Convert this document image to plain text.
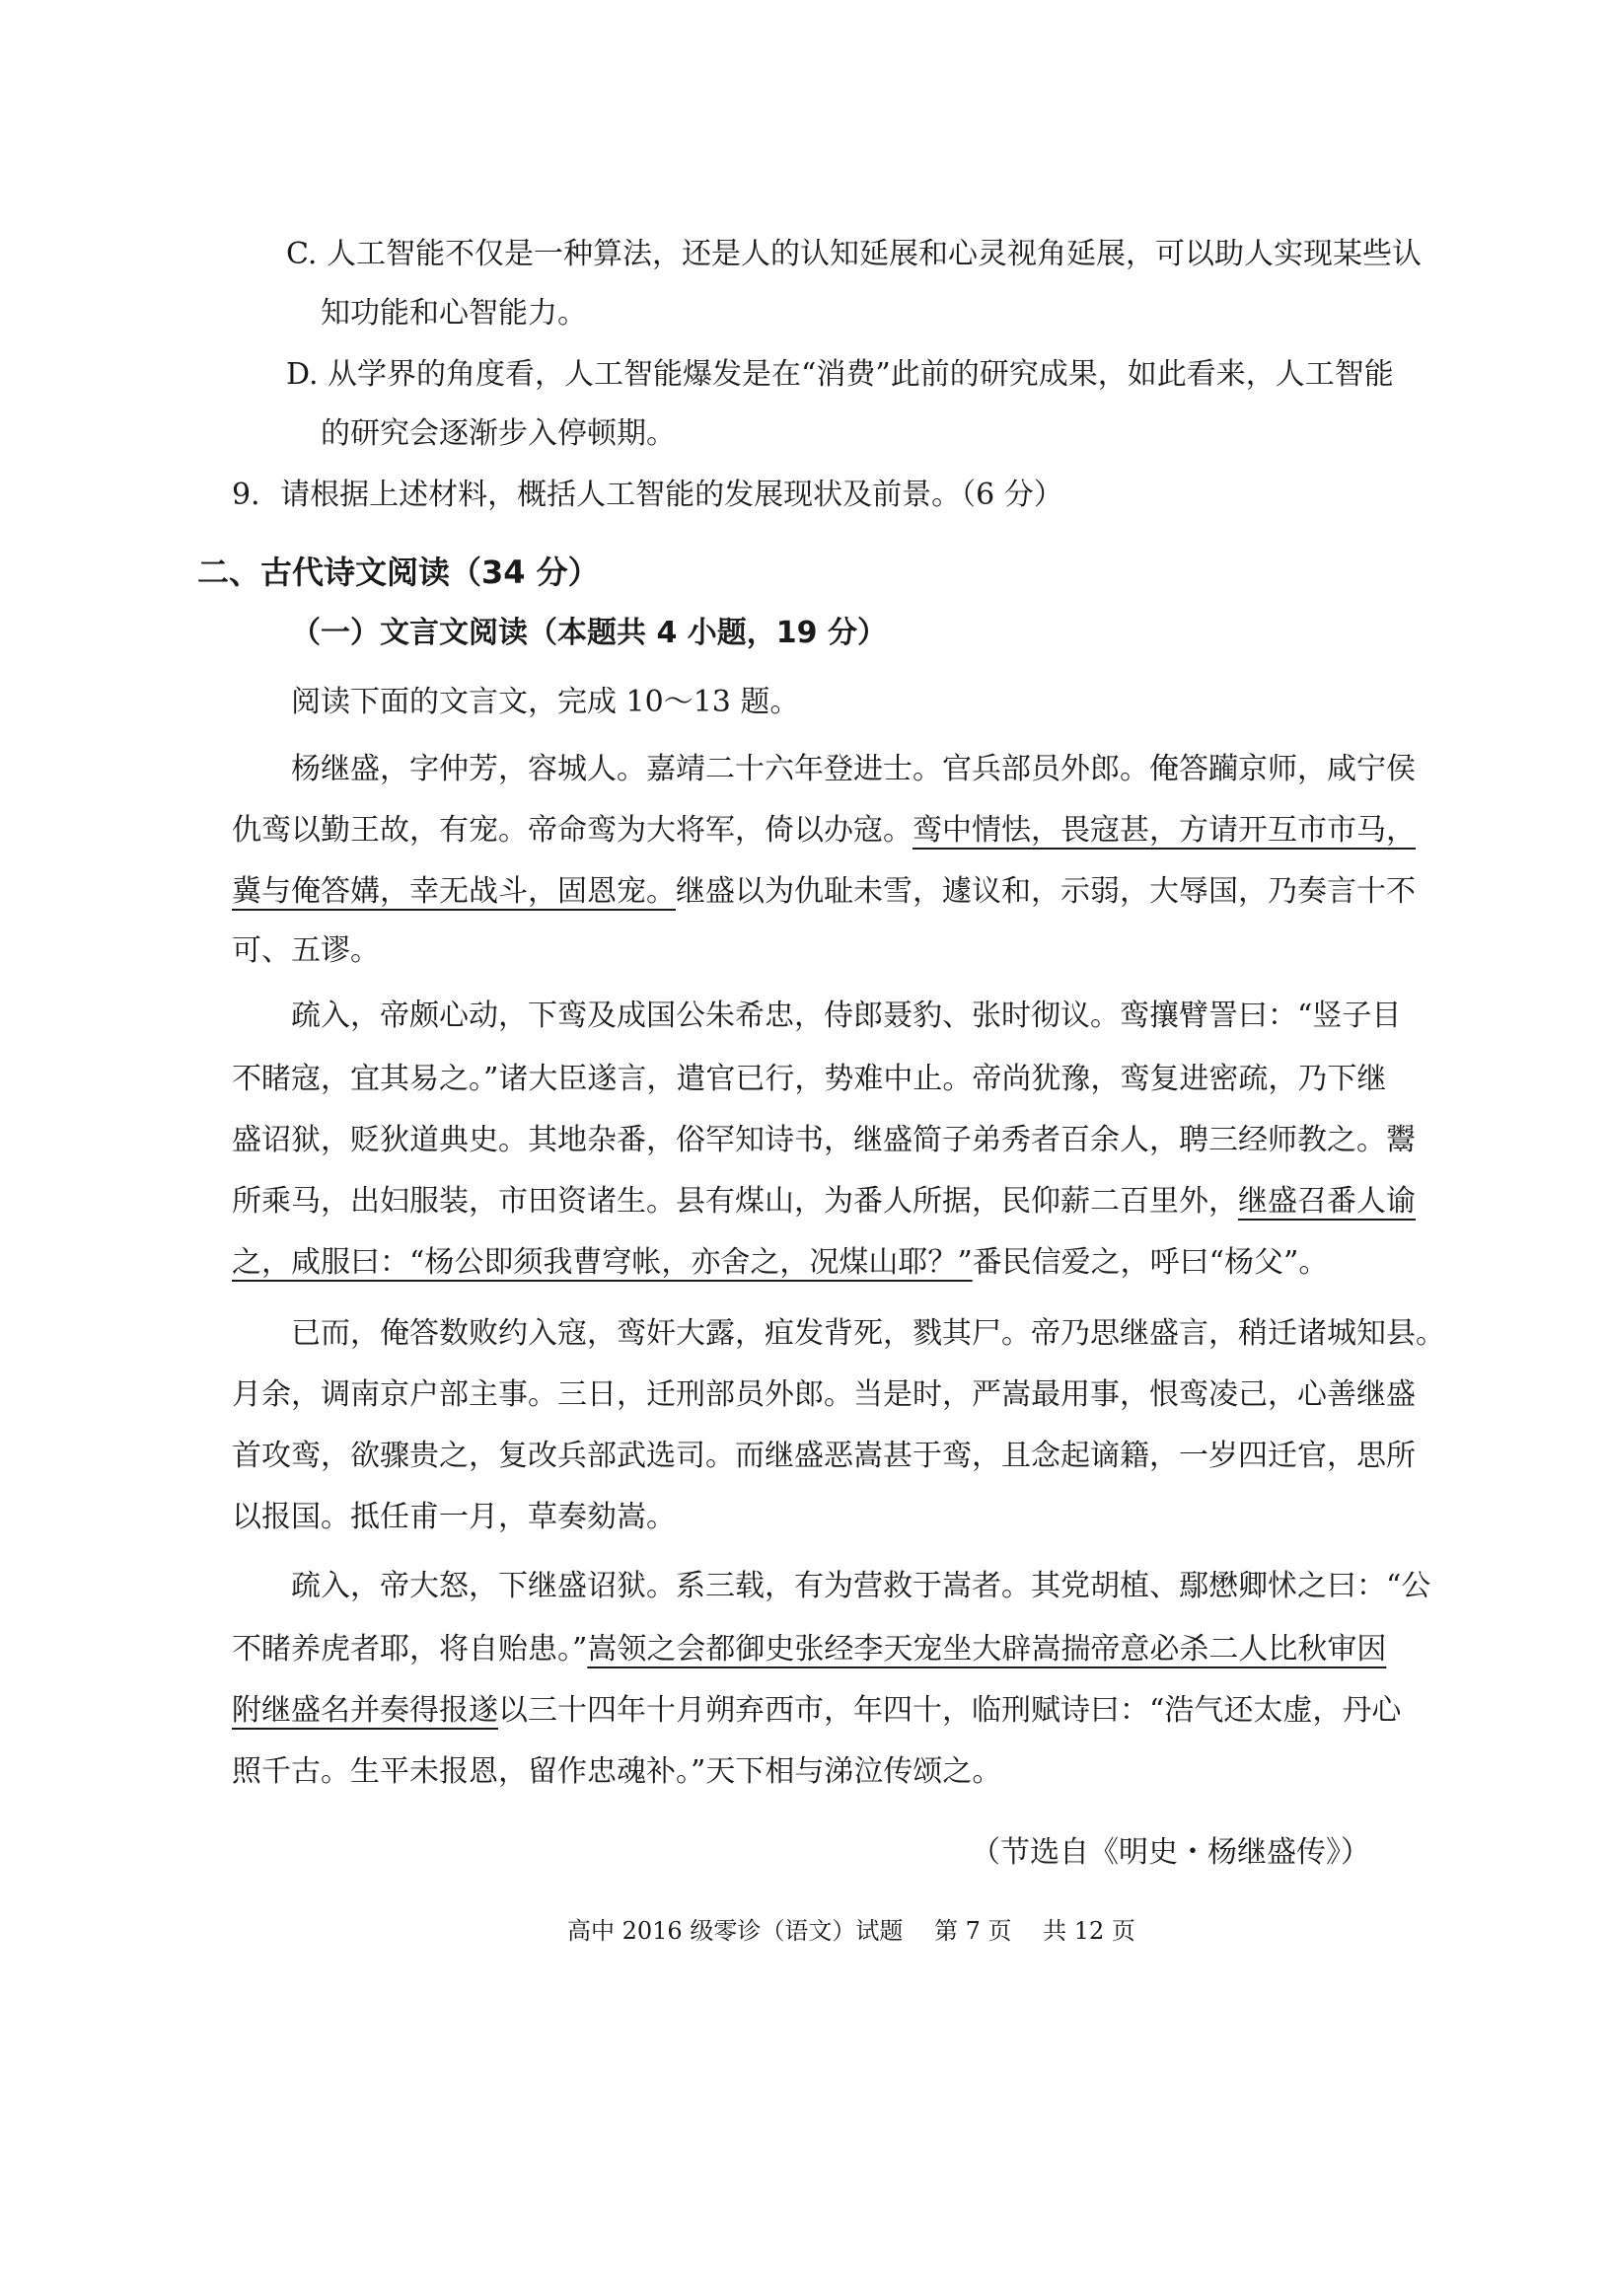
C. 人工智能不仅是一种算法，还是人的认知延展和心灵视角延展，可以助人实现某些认
知功能和心智能力。
D. 从学界的角度看，人工智能爆发是在“消费”此前的研究成果，如此看来，人工智能
的研究会逐渐步入停顿期。
9．请根据上述材料，概括人工智能的发展现状及前景。（6 分）
二、古代诗文阅读（34 分）
（一）文言文阅读（本题共 4 小题，19 分）
阅读下面的文言文，完成 10～13 题。
杨继盛，字仲芳，容城人。嘉靖二十六年登进士。官兵部员外郎。俺答躏京师，咸宁侯
仇鸾以勤王故，有宠。帝命鸾为大将军，倚以办寇。鸾中情怯，畏寇甚，方请开互市市马，
冀与俺答媾，幸无战斗，固恩宠。继盛以为仇耻未雪，遽议和，示弱，大辱国，乃奏言十不
可、五谬。
疏入，帝颇心动，下鸾及成国公朱希忠，侍郎聂豹、张时彻议。鸾攘臂詈曰：“竖子目
不睹寇，宜其易之。”诸大臣遂言，遣官已行，势难中止。帝尚犹豫，鸾复进密疏，乃下继
盛诏狱，贬狄道典史。其地杂番，俗罕知诗书，继盛简子弟秀者百余人，聘三经师教之。鬻
所乘马，出妇服装，市田资诸生。县有煤山，为番人所据，民仰薪二百里外，继盛召番人谕
之，咸服曰：“杨公即须我曹穹帐，亦舍之，况煤山耶？”番民信爱之，呼曰“杨父”。
已而，俺答数败约入寇，鸾奸大露，疽发背死，戮其尸。帝乃思继盛言，稍迁诸城知县。
月余，调南京户部主事。三日，迁刑部员外郎。当是时，严嵩最用事，恨鸾凌己，心善继盛
首攻鸾，欲骤贵之，复改兵部武选司。而继盛恶嵩甚于鸾，且念起谪籍，一岁四迁官，思所
以报国。抵任甫一月，草奏劾嵩。
疏入，帝大怒，下继盛诏狱。系三载，有为营救于嵩者。其党胡植、鄢懋卿怵之曰：“公
不睹养虎者耶，将自贻患。”嵩领之会都御史张经李天宠坐大辟嵩揣帝意必杀二人比秋审因
附继盛名并奏得报遂以三十四年十月朔弃西市，年四十，临刑赋诗曰：“浩气还太虚，丹心
照千古。生平未报恩，留作忠魂补。”天下相与涕泣传颂之。
（节选自《明史・杨继盛传》）
高中 2016 级零诊（语文）试题　 第 7 页　 共 12 页
